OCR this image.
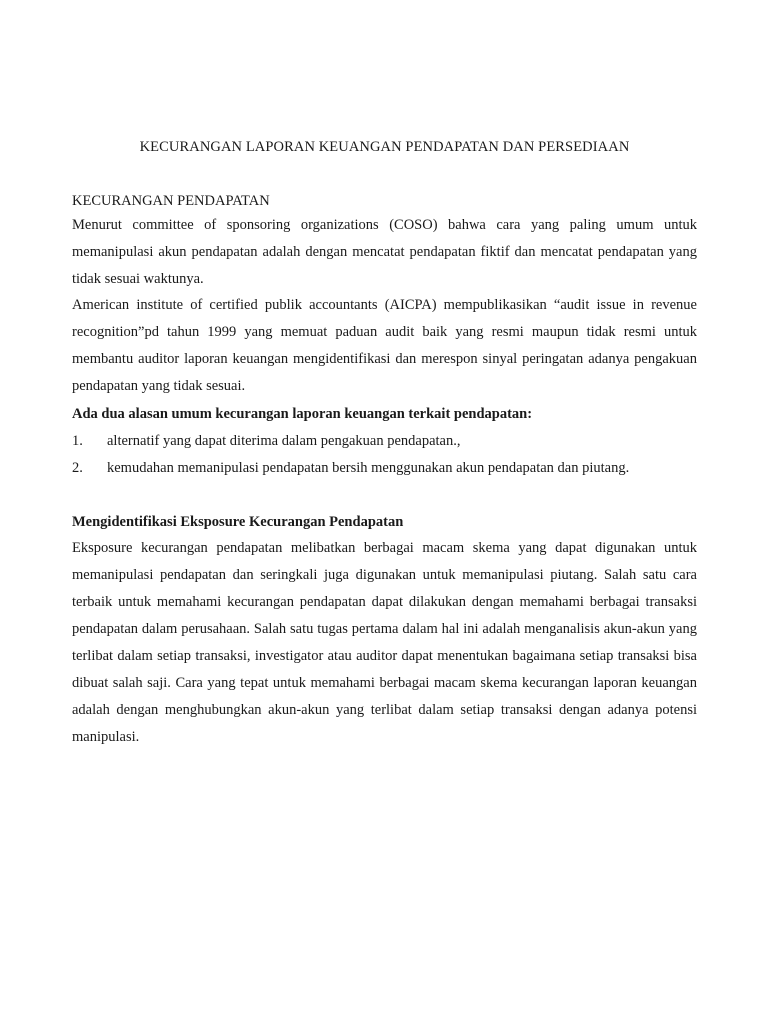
KECURANGAN LAPORAN KEUANGAN PENDAPATAN DAN PERSEDIAAN
KECURANGAN PENDAPATAN

Menurut committee of sponsoring organizations (COSO) bahwa cara yang paling umum untuk memanipulasi akun pendapatan adalah dengan mencatat pendapatan fiktif dan mencatat pendapatan yang tidak sesuai waktunya.

American institute of certified publik accountants (AICPA) mempublikasikan “audit issue in revenue recognition”pd tahun 1999 yang memuat paduan audit baik yang resmi maupun tidak resmi untuk membantu auditor laporan keuangan mengidentifikasi dan merespon sinyal peringatan adanya pengakuan pendapatan yang tidak sesuai.

Ada dua alasan umum kecurangan laporan keuangan terkait pendapatan:

1. alternatif yang dapat diterima dalam pengakuan pendapatan.,
2. kemudahan memanipulasi pendapatan bersih menggunakan akun pendapatan dan piutang.
Mengidentifikasi Eksposure Kecurangan Pendapatan

Eksposure kecurangan pendapatan melibatkan berbagai macam skema yang dapat digunakan untuk memanipulasi pendapatan dan seringkali juga digunakan untuk memanipulasi piutang. Salah satu cara terbaik untuk memahami kecurangan pendapatan dapat dilakukan dengan memahami berbagai transaksi pendapatan dalam perusahaan. Salah satu tugas pertama dalam hal ini adalah menganalisis akun-akun yang terlibat dalam setiap transaksi, investigator atau auditor dapat menentukan bagaimana setiap transaksi bisa dibuat salah saji. Cara yang tepat untuk memahami berbagai macam skema kecurangan laporan keuangan adalah dengan menghubungkan akun-akun yang terlibat dalam setiap transaksi dengan adanya potensi manipulasi.
